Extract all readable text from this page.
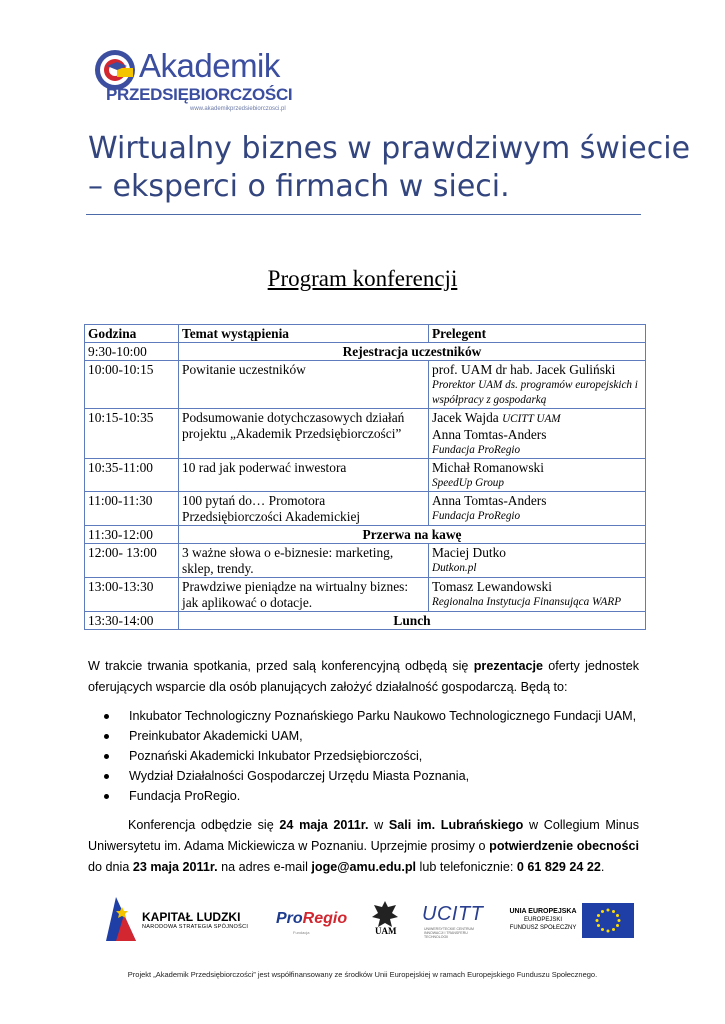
Akademik
PRZEDSIĘBIORCZOŚCI
www.akademikprzedsiebiorczosci.pl
Wirtualny biznes w prawdziwym świecie
– eksperci o firmach w sieci.
Program konferencji
Godzina	Temat wystąpienia	Prelegent
9:30-10:00	Rejestracja uczestników	
10:00-10:15	Powitanie uczestników	prof. UAM dr hab. Jacek Guliński
Prorektor UAM ds. programów europejskich i współpracy z gospodarką

10:15-10:35	Podsumowanie dotychczasowych działań projektu „Akademik Przedsiębiorczości”	Jacek Wajda UCITT UAM
Anna Tomtas-Anders
Fundacja ProRegio

10:35-11:00	10 rad jak poderwać inwestora	Michał Romanowski
SpeedUp Group

11:00-11:30	100 pytań do… Promotora Przedsiębiorczości Akademickiej	Anna Tomtas-Anders
Fundacja ProRegio

11:30-12:00	Przerwa na kawę	
12:00- 13:00	3 ważne słowa o e-biznesie: marketing, sklep, trendy.	Maciej Dutko
Dutkon.pl

13:00-13:30	Prawdziwe pieniądze na wirtualny biznes: jak aplikować o dotacje.	Tomasz Lewandowski
Regionalna Instytucja Finansująca WARP

13:30-14:00	Lunch	
W trakcie trwania spotkania, przed salą konferencyjną odbędą się prezentacje oferty jednostek oferujących wsparcie dla osób planujących założyć działalność gospodarczą. Będą to:
Inkubator Technologiczny Poznańskiego Parku Naukowo Technologicznego Fundacji UAM,
Preinkubator Akademicki UAM,
Poznański Akademicki Inkubator Przedsiębiorczości,
Wydział Działalności Gospodarczej Urzędu Miasta Poznania,
Fundacja ProRegio.
Konferencja odbędzie się 24 maja 2011r. w Sali im. Lubrańskiego w Collegium Minus Uniwersytetu im. Adama Mickiewicza w Poznaniu. Uprzejmie prosimy o potwierdzenie obecności do dnia 23 maja 2011r. na adres e-mail joge@amu.edu.pl lub telefonicznie: 0 61 829 24 22.
KAPITAŁ LUDZKI
NARODOWA STRATEGIA SPÓJNOŚCI ProRegio
Fundacja	UAM
UCITT
UNIWERSYTECKIE CENTRUM INNOWACJI I TRANSFERU TECHNOLOGII
UNIA EUROPEJSKA
EUROPEJSKI
FUNDUSZ SPOŁECZNY
Projekt „Akademik Przedsiębiorczości” jest współfinansowany ze środków Unii Europejskiej w ramach Europejskiego Funduszu Społecznego.
